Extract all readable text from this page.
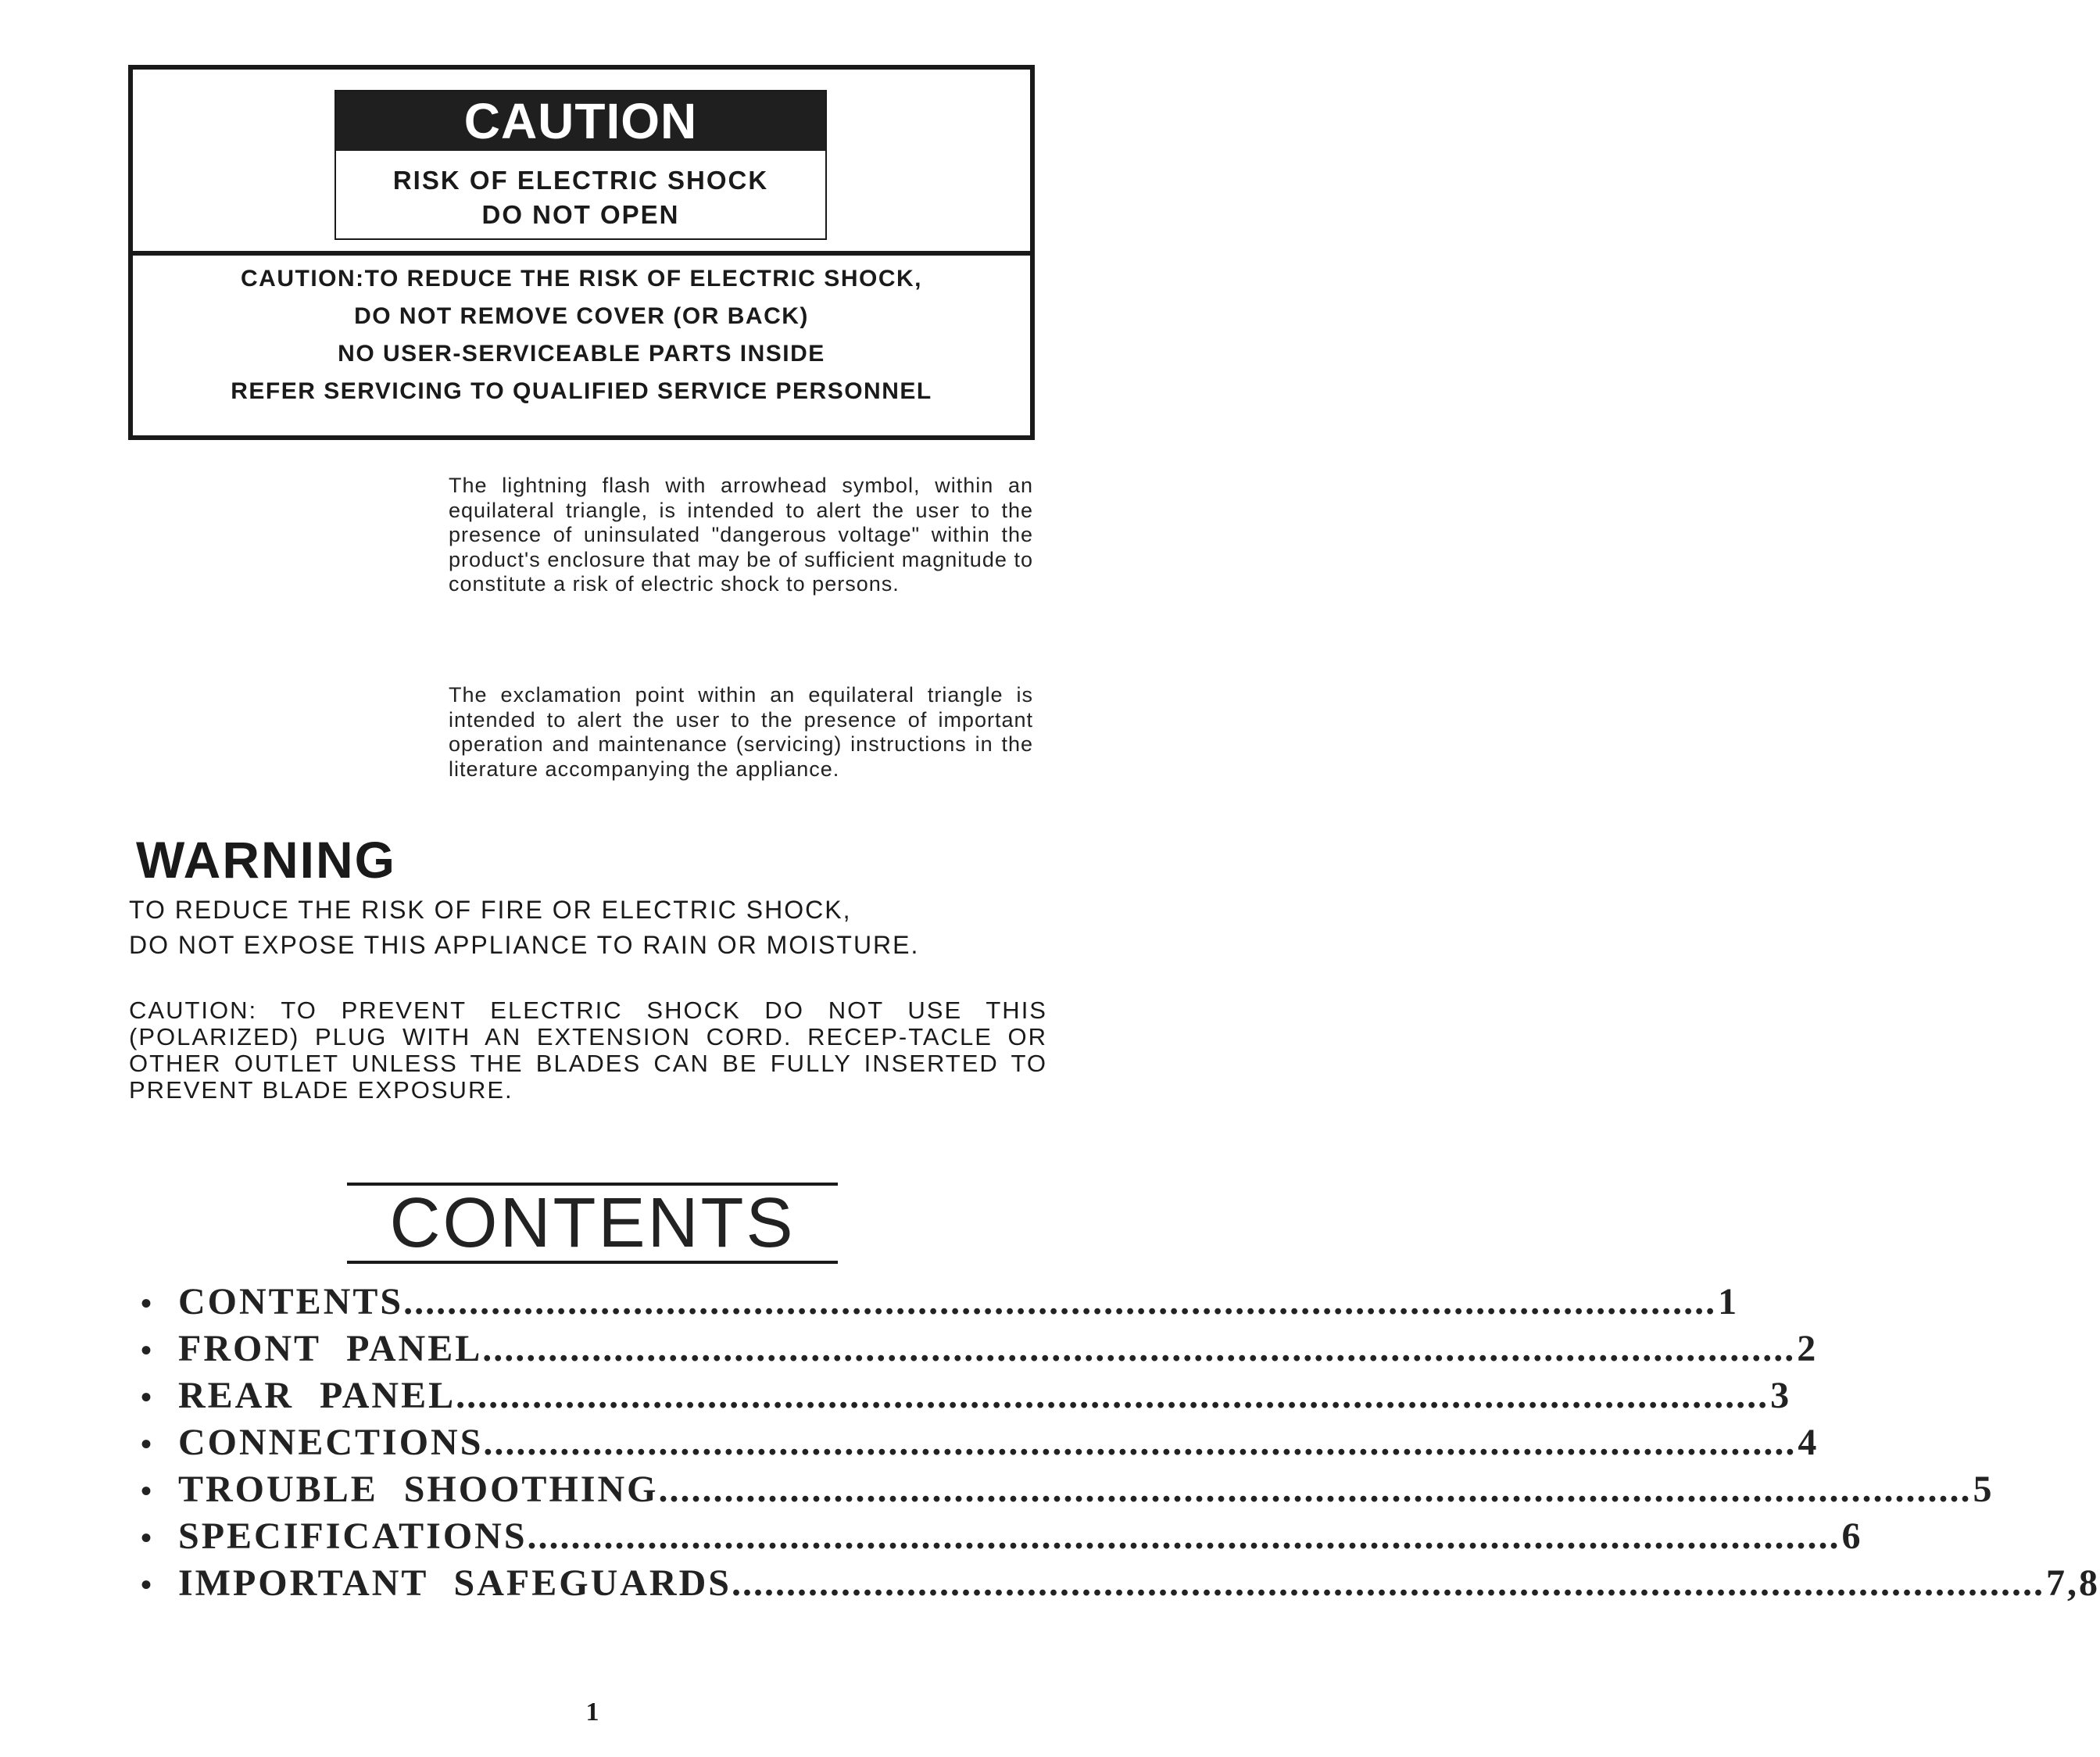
CAUTION
RISK OF ELECTRIC SHOCK
DO NOT OPEN
CAUTION:TO REDUCE THE RISK OF ELECTRIC SHOCK,
DO NOT REMOVE COVER (OR BACK)
NO USER-SERVICEABLE PARTS INSIDE
REFER SERVICING TO QUALIFIED SERVICE PERSONNEL
The lightning flash with arrowhead symbol, within an equilateral triangle, is intended to alert the user to the presence of uninsulated "dangerous voltage" within the product's enclosure that may be of sufficient magnitude to constitute a risk of electric shock to persons.
The exclamation point within an equilateral triangle is intended to alert the user to the presence of important operation and maintenance (servicing) instructions in the literature accompanying the appliance.
WARNING
TO REDUCE THE RISK OF FIRE OR ELECTRIC SHOCK,
DO NOT EXPOSE THIS APPLIANCE TO RAIN OR MOISTURE.
CAUTION: TO PREVENT ELECTRIC SHOCK DO NOT USE THIS (POLARIZED) PLUG WITH AN EXTENSION CORD. RECEP-TACLE OR OTHER OUTLET UNLESS THE BLADES CAN BE FULLY INSERTED TO PREVENT BLADE EXPOSURE.
CONTENTS
• CONTENTS ........................................................................................................................ 1
• FRONT PANEL ........................................................................................................................ 2
• REAR PANEL ........................................................................................................................ 3
• CONNECTIONS ........................................................................................................................ 4
• TROUBLE SHOOTHING ........................................................................................................................ 5
• SPECIFICATIONS ........................................................................................................................ 6
• IMPORTANT SAFEGUARDS ........................................................................................................................ 7,8
1
